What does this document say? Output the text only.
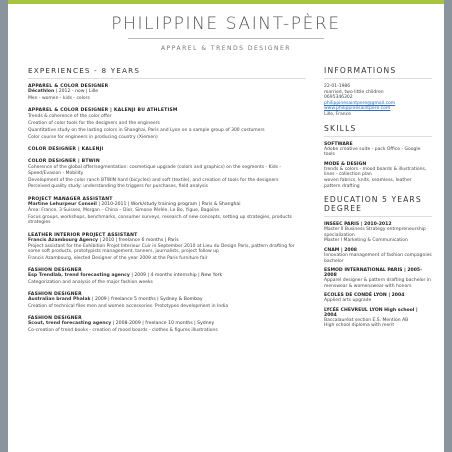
PHILIPPINE SAINT-PÈRE
APPAREL & TRENDS DESIGNER
EXPERIENCES - 8 YEARS
APPAREL & COLOR DESIGNER
Décathlon | 2012 - now | Lille

Men - women - kids - colors

APPAREL & COLOR DESIGNER | KALENJI BU ATHLETISM

Trends & coherence of the color offer

Creation of color tools for the designers and the engineers

Quantitative study on the lasting colors in Shanghai, Paris and Lyon on a sample group of 300 costumers

Color course for engineers in producing country (Xiemen)

COLOR DESIGNER | KALENJI
COLOR DESIGNER | BTWIN

Coherence of the global offer/segmentation: cosmetique upgrade (colors and graphics) on the segments - Kids - Speed/Evasion - Mobility

Development of the color ranch BTWIN hard (bicycles) and soft (textile), and creation of tools for the designers

Perceived quality study: understanding the triggers for purchases, field analysis

PROJECT MANAGER ASSISTANT
Martine Lehurpeur Conseil | 2010-2011 | Work/study training program | Paris & Shanghai

Área: France, 3 Suisses, Morgan – China – Dior, Simone Pérèle, Le Bo, Yigue, Bagoïne

Focus groups, workshops, benchmarks, consumer surveys, research of new concepts, setting up strategies, products strategies

LEATHER INTERIOR PROJECT ASSISTANT
Francis Azambourg Agency | 2010 | freelance 6 months | Paris

Project assistant for the Exhibition Projet Interieur Cuir in September 2010 at Lieu du Design Paris, pattern drafting for some soft products, prototypists management, tanners, journalists, project follow up

Francis Azambourg, elected Designer of the year 2009 at the Paris furniture fair

FASHION DESIGNER
Esp Trendlab, trend forecasting agency | 2009 | 4 months internship | New York

Categorization and analysis of the major fashion weeks

FASHION DESIGNER
Australian brand Phalak | 2009 | freelance 5 months | Sydney & Bombay

Creation of technical files men and women accessories. Prototypes development in India

FASHION DESIGNER
Scout, trend forecasting agency | 2008-2009 | freelance 10 months | Sydney

Co-creation of trend books - creation of mood boards - clothes & figures illustrations

INFORMATIONS

22-01-1986

married, two little children

0695346302

philippinesaintpere@gmail.com

www.philippinesaintpere.com

Lille, France

SKILLS
SOFTWARE

Adobe creative suite - pack Office - Google tools

MODE & DESIGN

trends & colors - mood boards & illustrations, lines - collection plan

woven fabrics, knits, seamless, leather

pattern drafting

EDUCATION 5 YEARS DEGREE
INSEEC PARIS | 2010-2012

Master II Business Strategy entrepreneurship specialization

Master I Marketing & Communication

CNAM | 2008

Innovation management of fashion compagnies bachelor

ESMOD INTERNATIONAL PARIS | 2005-2008

Apparel designer & pattern drafting bachelor in menswear & womenswear with honors

ECOLES DE CONDÉ LYON | 2004

Applied arts upgrade

LYCÉE CHEVREUL LYON High school | 2004

Baccalauréat section E.S. Mention AB

High school diploma with merit
